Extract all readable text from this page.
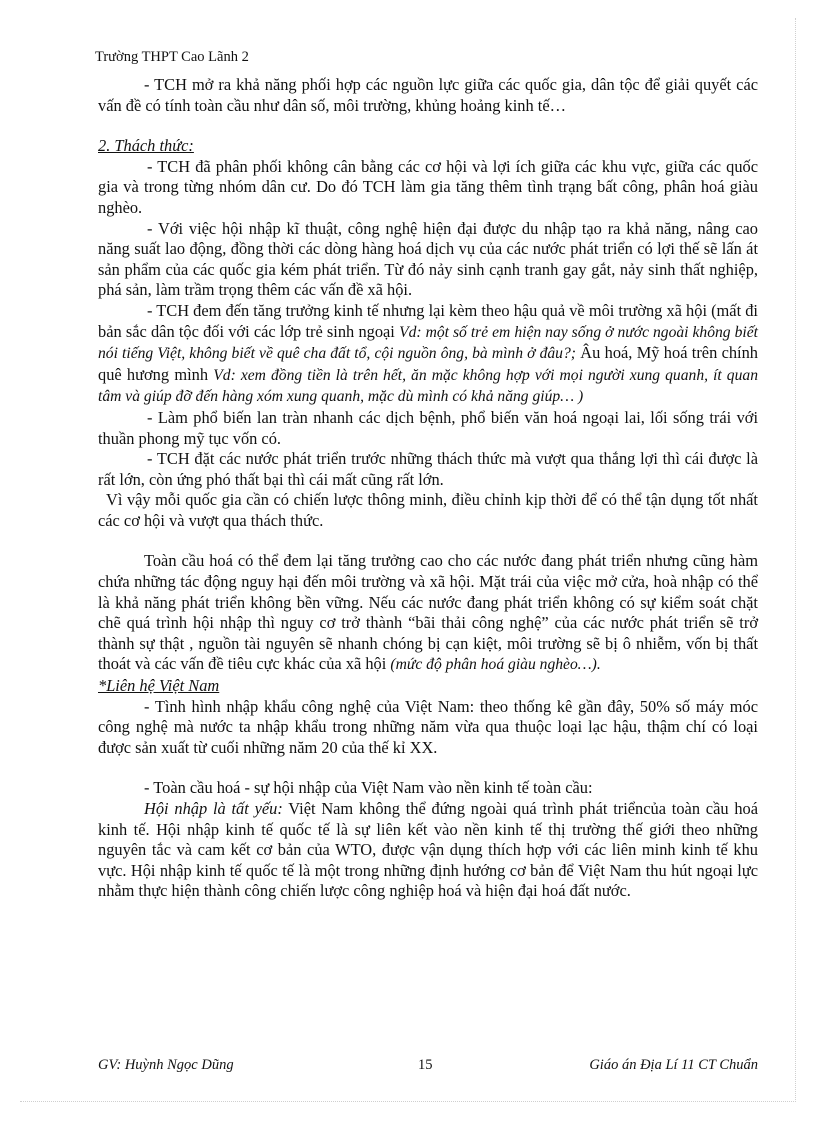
Trường THPT Cao Lãnh 2

- TCH mở ra khả năng phối hợp các nguồn lực giữa các quốc gia, dân tộc để giải quyết các vấn đề có tính toàn cầu như dân số, môi trường, khủng hoảng kinh tế…

2. Thách thức:

- TCH đã phân phối không cân bằng các cơ hội và lợi ích giữa các khu vực, giữa các quốc gia và trong từng nhóm dân cư. Do đó TCH làm gia tăng thêm tình trạng bất công, phân hoá giàu nghèo.

- Với việc hội nhập kĩ thuật, công nghệ hiện đại được du nhập tạo ra khả năng, nâng cao năng suất lao động, đồng thời các dòng hàng hoá dịch vụ của các nước phát triển có lợi thế sẽ lấn át sản phẩm của các quốc gia kém phát triển. Từ đó nảy sinh cạnh tranh gay gắt, nảy sinh thất nghiệp, phá sản, làm trầm trọng thêm các vấn đề xã hội.

- TCH đem đến tăng trưởng kinh tế nhưng lại kèm theo hậu quả về môi trường xã hội (mất đi bản sắc dân tộc đối với các lớp trẻ sinh ngoại Vd: một số trẻ em hiện nay sống ở nước ngoài không biết nói tiếng Việt, không biết về quê cha đất tổ, cội nguồn ông, bà mình ở đâu?; Âu hoá, Mỹ hoá trên chính quê hương mình Vd: xem đồng tiền là trên hết, ăn mặc không hợp với mọi người xung quanh, ít quan tâm và giúp đỡ đến hàng xóm xung quanh, mặc dù mình có khả năng giúp… )

- Làm phổ biến lan tràn nhanh các dịch bệnh, phổ biến văn hoá ngoại lai, lối sống trái với thuần phong mỹ tục vốn có.

- TCH đặt các nước phát triển trước những thách thức mà vượt qua thắng lợi thì cái được là rất lớn, còn ứng phó thất bại thì cái mất cũng rất lớn.

Vì vậy mỗi quốc gia cần có chiến lược thông minh, điều chỉnh kịp thời để có thể tận dụng tốt nhất các cơ hội và vượt qua thách thức.

Toàn cầu hoá có thể đem lại tăng trưởng cao cho các nước đang phát triển nhưng cũng hàm chứa những tác động nguy hại đến môi trường và xã hội. Mặt trái của việc mở cửa, hoà nhập có thể là khả năng phát triển không bền vững. Nếu các nước đang phát triển không có sự kiểm soát chặt chẽ quá trình hội nhập thì nguy cơ trở thành “bãi thải công nghệ” của các nước phát triển sẽ trở thành sự thật , nguồn tài nguyên sẽ nhanh chóng bị cạn kiệt, môi trường sẽ bị ô nhiễm, vốn bị thất thoát và các vấn đề tiêu cực khác của xã hội (mức độ phân hoá giàu nghèo…).

*Liên hệ Việt Nam

- Tình hình nhập khẩu công nghệ của Việt Nam: theo thống kê gần đây, 50% số máy móc công nghệ mà nước ta nhập khẩu trong những năm vừa qua thuộc loại lạc hậu, thậm chí có loại được sản xuất từ cuối những năm 20 của thế kỉ XX.

- Toàn cầu hoá - sự hội nhập của Việt Nam vào nền kinh tế toàn cầu:

Hội nhập là tất yếu: Việt Nam không thể đứng ngoài quá trình phát triểncủa toàn cầu hoá kinh tế. Hội nhập kinh tế quốc tế là sự liên kết vào nền kinh tế thị trường thế giới theo những nguyên tắc và cam kết cơ bản của WTO, được vận dụng thích hợp với các liên minh kinh tế khu vực. Hội nhập kinh tế quốc tế là một trong những định hướng cơ bản để Việt Nam thu hút ngoại lực nhằm thực hiện thành công chiến lược công nghiệp hoá và hiện đại hoá đất nước.

GV: Huỳnh Ngọc Dũng	15	Giáo án Địa Lí 11 CT Chuẩn
